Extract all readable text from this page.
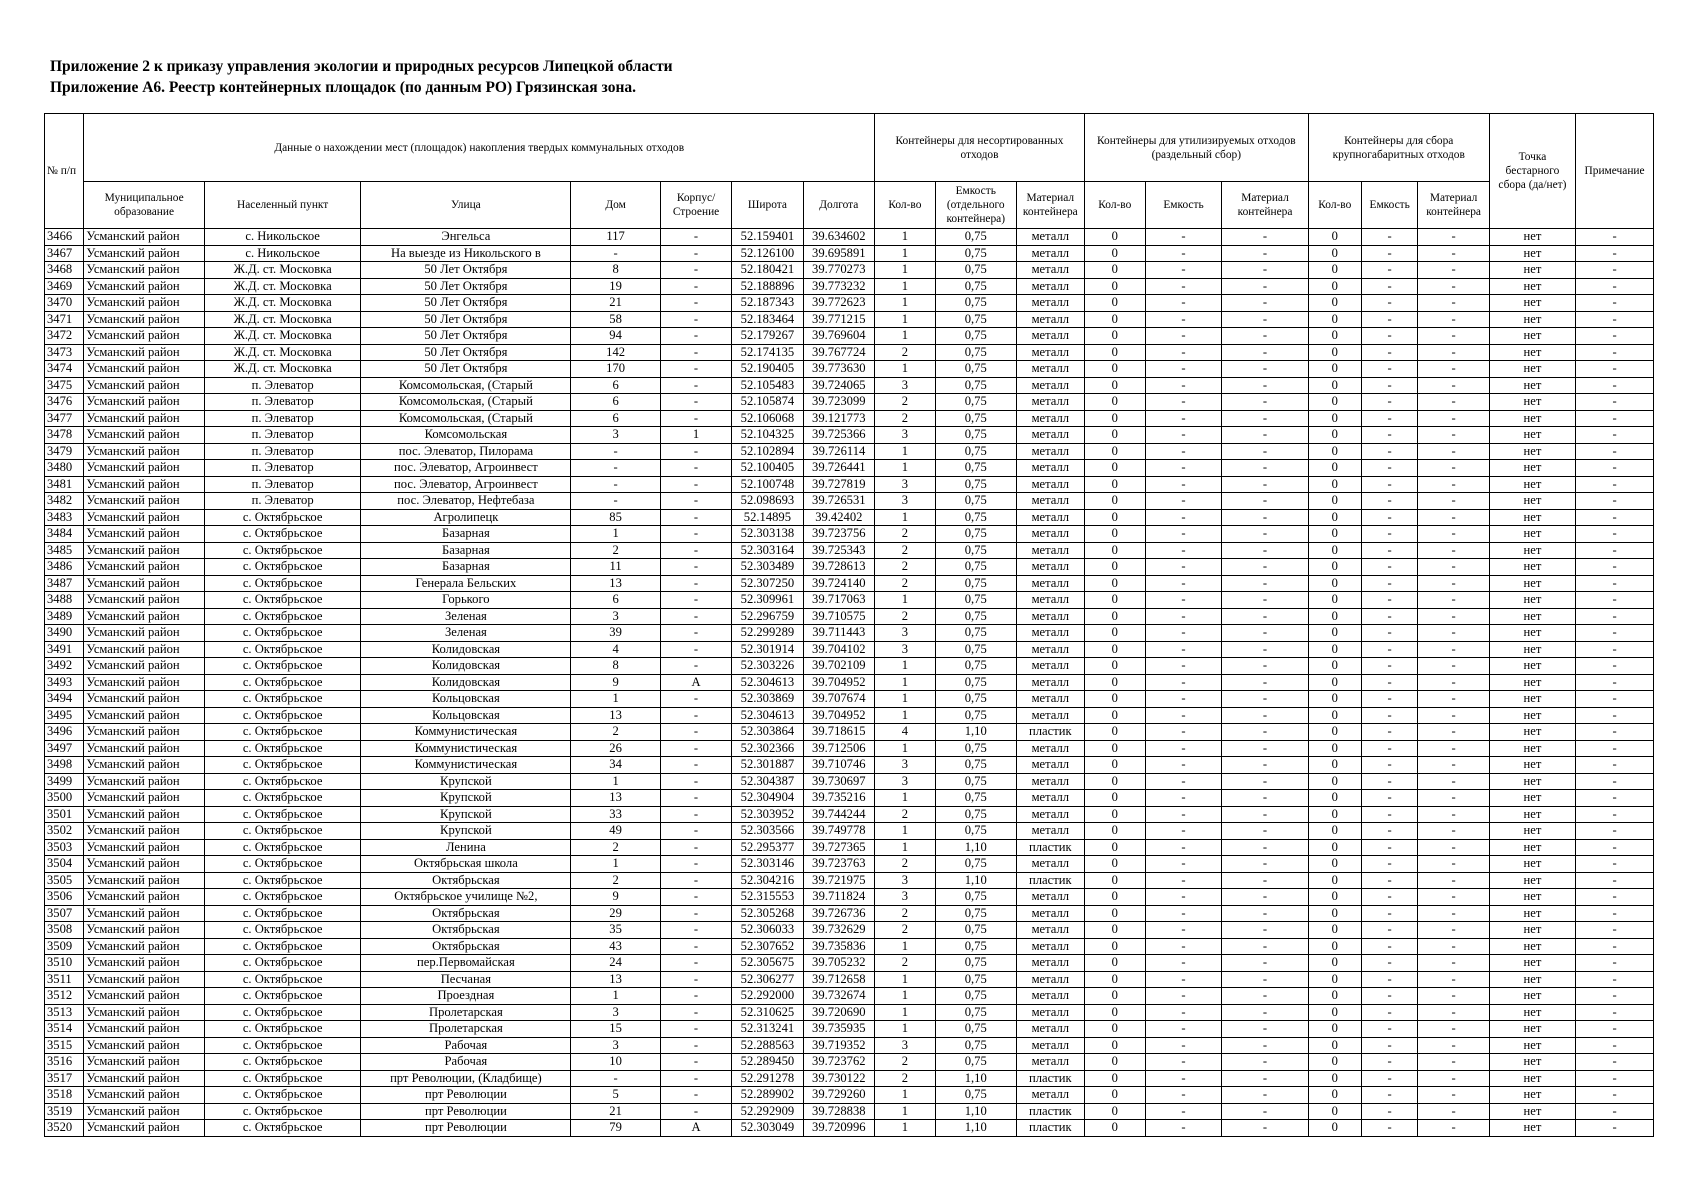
Приложение 2 к приказу управления экологии и природных ресурсов Липецкой области
Приложение А6. Реестр контейнерных площадок (по данным РО) Грязинская зона.
№ п/п	Данные о нахождении мест (площадок) накопления твердых коммунальных отходов							Контейнеры для несортированных отходов			Контейнеры для утилизируемых отходов (раздельный сбор)			Контейнеры для сбора крупногабаритных отходов			Точка бестарного сбора (да/нет)	Примечание
	Муниципальное образование	Населенный пункт	Улица	Дом	Корпус/ Строение	Широта	Долгота	Кол-во	Емкость (отдельного контейнера)	Материал контейнера	Кол-во	Емкость	Материал контейнера	Кол-во	Емкость	Материал контейнера		
3466	Усманский район	с. Никольское	Энгельса	117	-	52.159401	39.634602	1	0,75	металл	0	-	-	0	-	-	нет	-
3467	Усманский район	с. Никольское	На выезде из Никольского в	-	-	52.126100	39.695891	1	0,75	металл	0	-	-	0	-	-	нет	-
3468	Усманский район	Ж.Д. ст. Московка	50 Лет Октября	8	-	52.180421	39.770273	1	0,75	металл	0	-	-	0	-	-	нет	-
3469	Усманский район	Ж.Д. ст. Московка	50 Лет Октября	19	-	52.188896	39.773232	1	0,75	металл	0	-	-	0	-	-	нет	-
3470	Усманский район	Ж.Д. ст. Московка	50 Лет Октября	21	-	52.187343	39.772623	1	0,75	металл	0	-	-	0	-	-	нет	-
3471	Усманский район	Ж.Д. ст. Московка	50 Лет Октября	58	-	52.183464	39.771215	1	0,75	металл	0	-	-	0	-	-	нет	-
3472	Усманский район	Ж.Д. ст. Московка	50 Лет Октября	94	-	52.179267	39.769604	1	0,75	металл	0	-	-	0	-	-	нет	-
3473	Усманский район	Ж.Д. ст. Московка	50 Лет Октября	142	-	52.174135	39.767724	2	0,75	металл	0	-	-	0	-	-	нет	-
3474	Усманский район	Ж.Д. ст. Московка	50 Лет Октября	170	-	52.190405	39.773630	1	0,75	металл	0	-	-	0	-	-	нет	-
3475	Усманский район	п. Элеватор	Комсомольская, (Старый	6	-	52.105483	39.724065	3	0,75	металл	0	-	-	0	-	-	нет	-
3476	Усманский район	п. Элеватор	Комсомольская, (Старый	6	-	52.105874	39.723099	2	0,75	металл	0	-	-	0	-	-	нет	-
3477	Усманский район	п. Элеватор	Комсомольская, (Старый	6	-	52.106068	39.121773	2	0,75	металл	0	-	-	0	-	-	нет	-
3478	Усманский район	п. Элеватор	Комсомольская	3	1	52.104325	39.725366	3	0,75	металл	0	-	-	0	-	-	нет	-
3479	Усманский район	п. Элеватор	пос. Элеватор, Пилорама	-	-	52.102894	39.726114	1	0,75	металл	0	-	-	0	-	-	нет	-
3480	Усманский район	п. Элеватор	пос. Элеватор, Агроинвест	-	-	52.100405	39.726441	1	0,75	металл	0	-	-	0	-	-	нет	-
3481	Усманский район	п. Элеватор	пос. Элеватор, Агроинвест	-	-	52.100748	39.727819	3	0,75	металл	0	-	-	0	-	-	нет	-
3482	Усманский район	п. Элеватор	пос. Элеватор, Нефтебаза	-	-	52.098693	39.726531	3	0,75	металл	0	-	-	0	-	-	нет	-
3483	Усманский район	с. Октябрьское	Агролипецк	85	-	52.14895	39.42402	1	0,75	металл	0	-	-	0	-	-	нет	-
3484	Усманский район	с. Октябрьское	Базарная	1	-	52.303138	39.723756	2	0,75	металл	0	-	-	0	-	-	нет	-
3485	Усманский район	с. Октябрьское	Базарная	2	-	52.303164	39.725343	2	0,75	металл	0	-	-	0	-	-	нет	-
3486	Усманский район	с. Октябрьское	Базарная	11	-	52.303489	39.728613	2	0,75	металл	0	-	-	0	-	-	нет	-
3487	Усманский район	с. Октябрьское	Генерала Бельских	13	-	52.307250	39.724140	2	0,75	металл	0	-	-	0	-	-	нет	-
3488	Усманский район	с. Октябрьское	Горького	6	-	52.309961	39.717063	1	0,75	металл	0	-	-	0	-	-	нет	-
3489	Усманский район	с. Октябрьское	Зеленая	3	-	52.296759	39.710575	2	0,75	металл	0	-	-	0	-	-	нет	-
3490	Усманский район	с. Октябрьское	Зеленая	39	-	52.299289	39.711443	3	0,75	металл	0	-	-	0	-	-	нет	-
3491	Усманский район	с. Октябрьское	Колидовская	4	-	52.301914	39.704102	3	0,75	металл	0	-	-	0	-	-	нет	-
3492	Усманский район	с. Октябрьское	Колидовская	8	-	52.303226	39.702109	1	0,75	металл	0	-	-	0	-	-	нет	-
3493	Усманский район	с. Октябрьское	Колидовская	9	А	52.304613	39.704952	1	0,75	металл	0	-	-	0	-	-	нет	-
3494	Усманский район	с. Октябрьское	Кольцовская	1	-	52.303869	39.707674	1	0,75	металл	0	-	-	0	-	-	нет	-
3495	Усманский район	с. Октябрьское	Кольцовская	13	-	52.304613	39.704952	1	0,75	металл	0	-	-	0	-	-	нет	-
3496	Усманский район	с. Октябрьское	Коммунистическая	2	-	52.303864	39.718615	4	1,10	пластик	0	-	-	0	-	-	нет	-
3497	Усманский район	с. Октябрьское	Коммунистическая	26	-	52.302366	39.712506	1	0,75	металл	0	-	-	0	-	-	нет	-
3498	Усманский район	с. Октябрьское	Коммунистическая	34	-	52.301887	39.710746	3	0,75	металл	0	-	-	0	-	-	нет	-
3499	Усманский район	с. Октябрьское	Крупской	1	-	52.304387	39.730697	3	0,75	металл	0	-	-	0	-	-	нет	-
3500	Усманский район	с. Октябрьское	Крупской	13	-	52.304904	39.735216	1	0,75	металл	0	-	-	0	-	-	нет	-
3501	Усманский район	с. Октябрьское	Крупской	33	-	52.303952	39.744244	2	0,75	металл	0	-	-	0	-	-	нет	-
3502	Усманский район	с. Октябрьское	Крупской	49	-	52.303566	39.749778	1	0,75	металл	0	-	-	0	-	-	нет	-
3503	Усманский район	с. Октябрьское	Ленина	2	-	52.295377	39.727365	1	1,10	пластик	0	-	-	0	-	-	нет	-
3504	Усманский район	с. Октябрьское	Октябрьская школа	1	-	52.303146	39.723763	2	0,75	металл	0	-	-	0	-	-	нет	-
3505	Усманский район	с. Октябрьское	Октябрьская	2	-	52.304216	39.721975	3	1,10	пластик	0	-	-	0	-	-	нет	-
3506	Усманский район	с. Октябрьское	Октябрьское училище №2,	9	-	52.315553	39.711824	3	0,75	металл	0	-	-	0	-	-	нет	-
3507	Усманский район	с. Октябрьское	Октябрьская	29	-	52.305268	39.726736	2	0,75	металл	0	-	-	0	-	-	нет	-
3508	Усманский район	с. Октябрьское	Октябрьская	35	-	52.306033	39.732629	2	0,75	металл	0	-	-	0	-	-	нет	-
3509	Усманский район	с. Октябрьское	Октябрьская	43	-	52.307652	39.735836	1	0,75	металл	0	-	-	0	-	-	нет	-
3510	Усманский район	с. Октябрьское	пер.Первомайская	24	-	52.305675	39.705232	2	0,75	металл	0	-	-	0	-	-	нет	-
3511	Усманский район	с. Октябрьское	Песчаная	13	-	52.306277	39.712658	1	0,75	металл	0	-	-	0	-	-	нет	-
3512	Усманский район	с. Октябрьское	Проездная	1	-	52.292000	39.732674	1	0,75	металл	0	-	-	0	-	-	нет	-
3513	Усманский район	с. Октябрьское	Пролетарская	3	-	52.310625	39.720690	1	0,75	металл	0	-	-	0	-	-	нет	-
3514	Усманский район	с. Октябрьское	Пролетарская	15	-	52.313241	39.735935	1	0,75	металл	0	-	-	0	-	-	нет	-
3515	Усманский район	с. Октябрьское	Рабочая	3	-	52.288563	39.719352	3	0,75	металл	0	-	-	0	-	-	нет	-
3516	Усманский район	с. Октябрьское	Рабочая	10	-	52.289450	39.723762	2	0,75	металл	0	-	-	0	-	-	нет	-
3517	Усманский район	с. Октябрьское	прт Революции, (Кладбище)	-	-	52.291278	39.730122	2	1,10	пластик	0	-	-	0	-	-	нет	-
3518	Усманский район	с. Октябрьское	прт Революции	5	-	52.289902	39.729260	1	0,75	металл	0	-	-	0	-	-	нет	-
3519	Усманский район	с. Октябрьское	прт Революции	21	-	52.292909	39.728838	1	1,10	пластик	0	-	-	0	-	-	нет	-
3520	Усманский район	с. Октябрьское	прт Революции	79	А	52.303049	39.720996	1	1,10	пластик	0	-	-	0	-	-	нет	-
